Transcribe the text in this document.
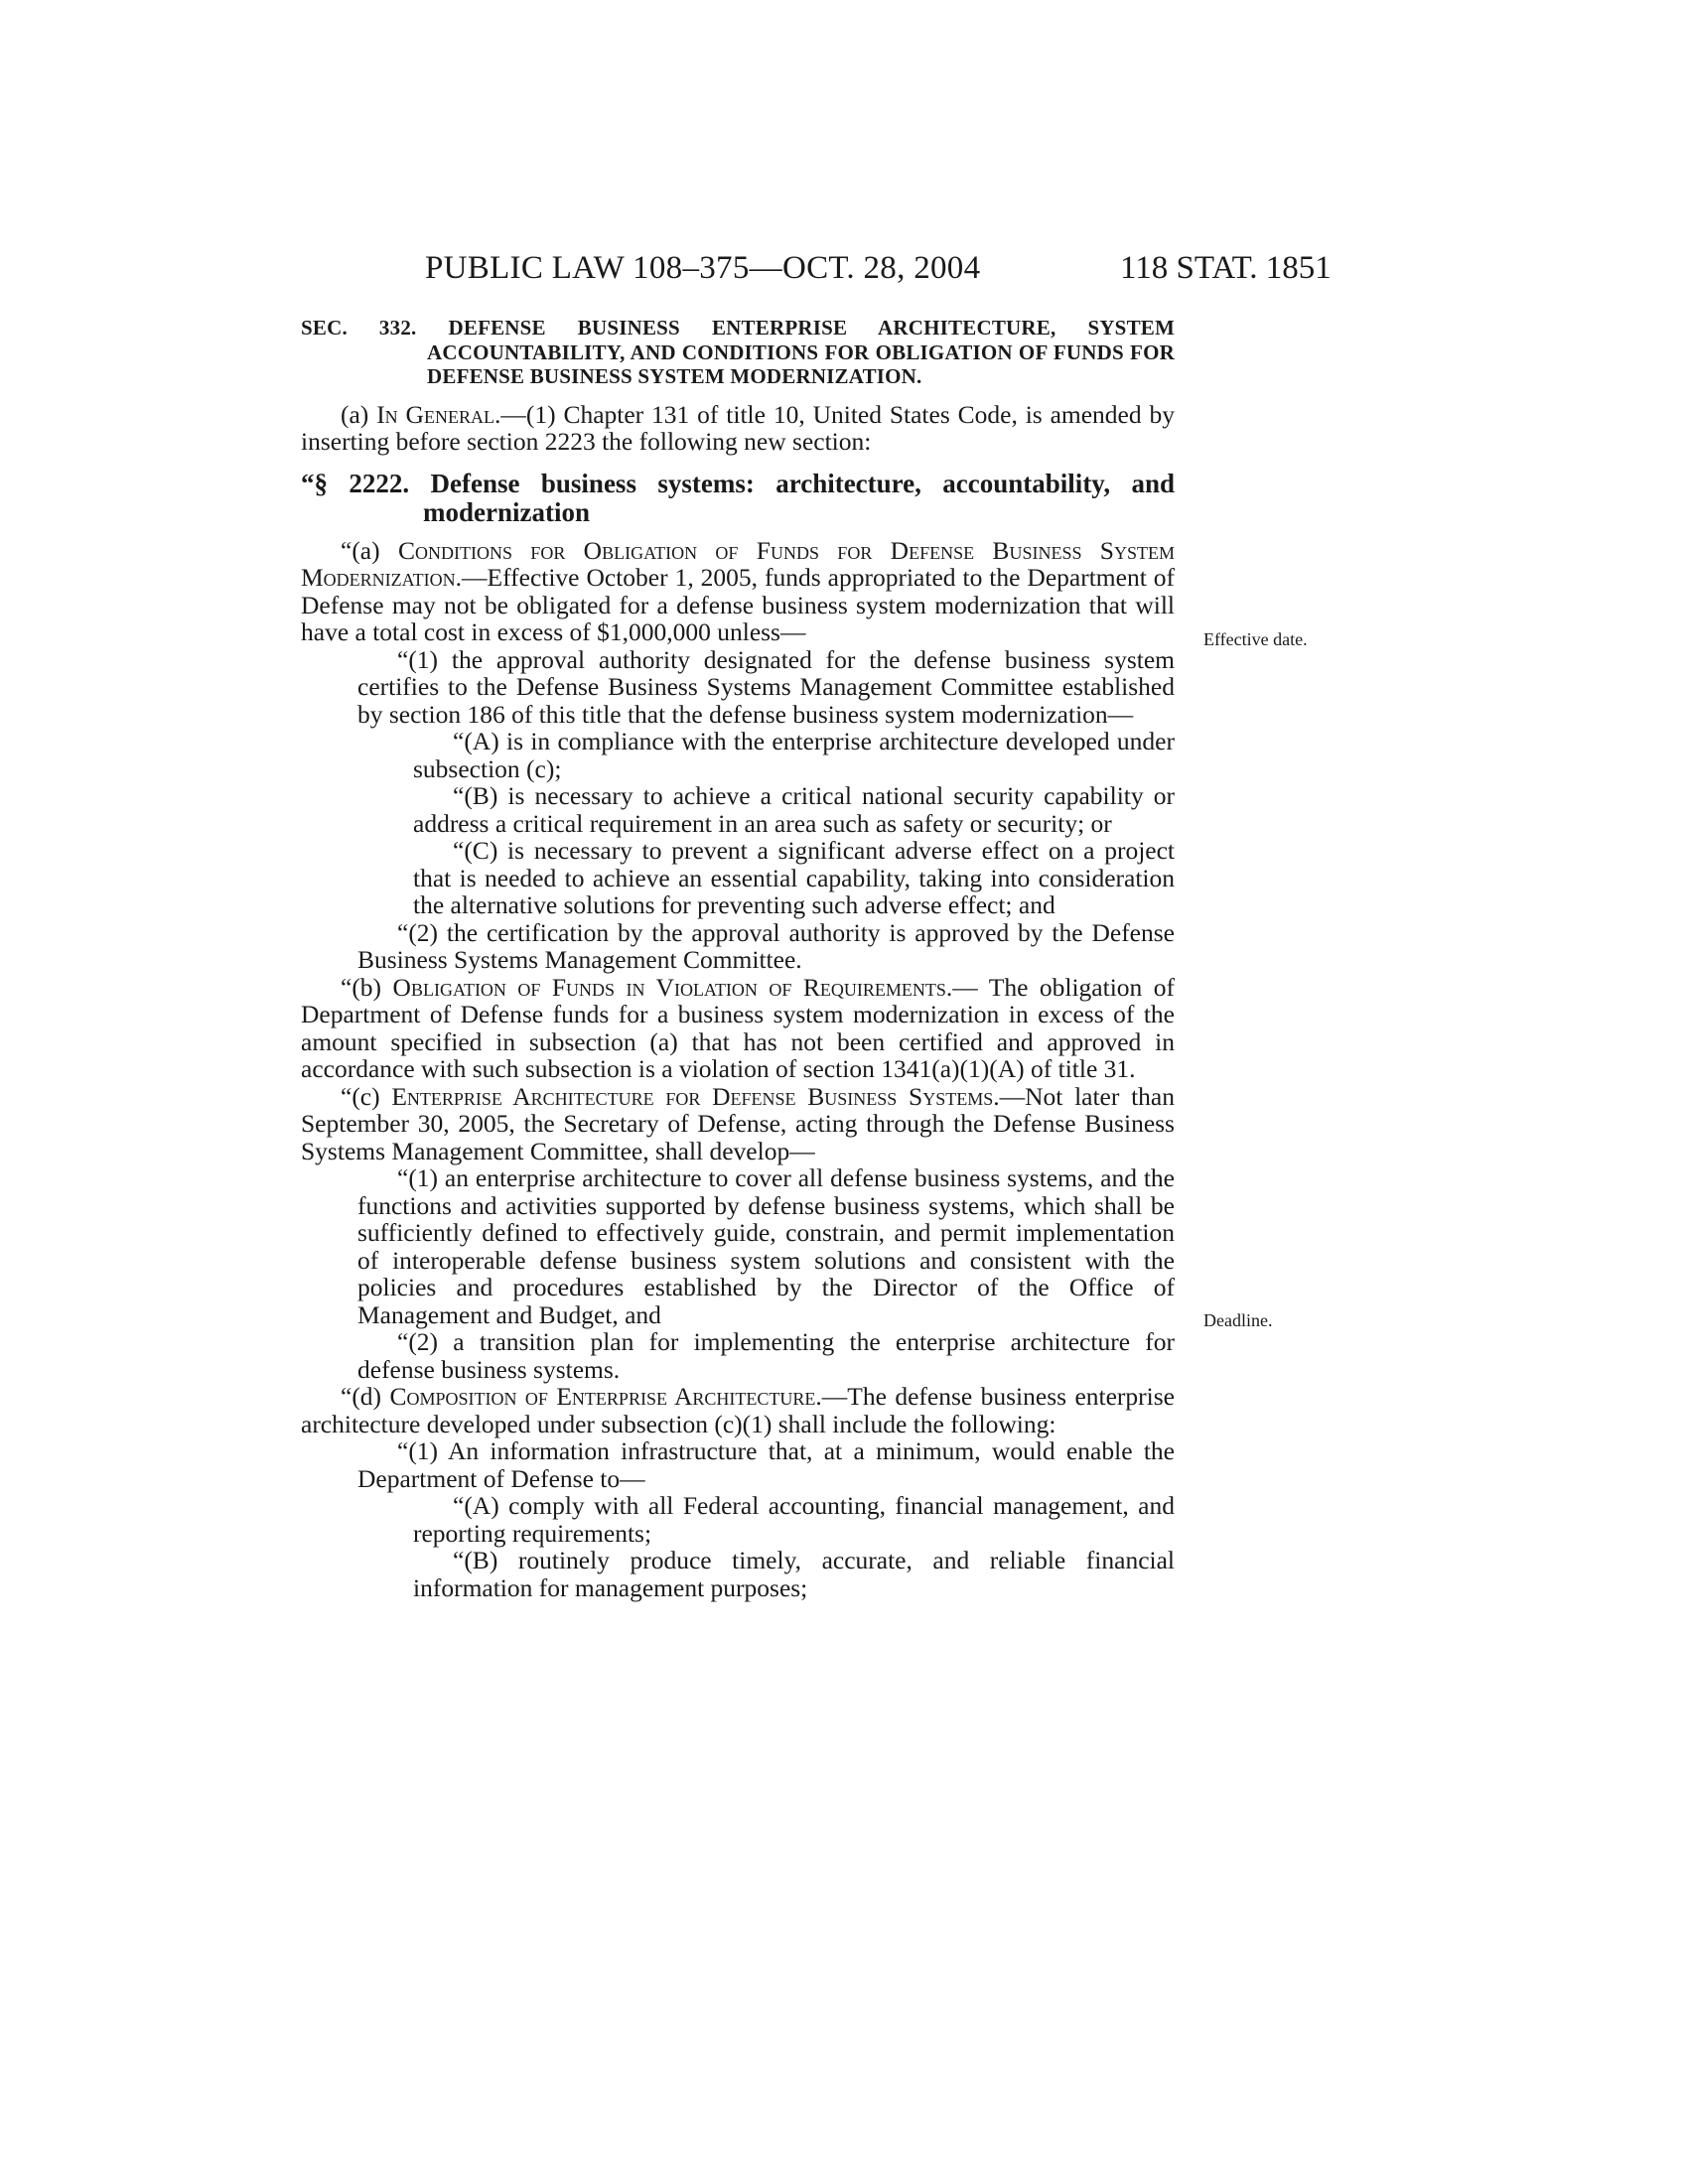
PUBLIC LAW 108–375—OCT. 28, 2004	118 STAT. 1851

SEC. 332. DEFENSE BUSINESS ENTERPRISE ARCHITECTURE, SYSTEM ACCOUNTABILITY, AND CONDITIONS FOR OBLIGATION OF FUNDS FOR DEFENSE BUSINESS SYSTEM MODERNIZATION.

(a) In General.—(1) Chapter 131 of title 10, United States Code, is amended by inserting before section 2223 the following new section:

“§ 2222. Defense business systems: architecture, accountability, and modernization

“(a) Conditions for Obligation of Funds for Defense Business System Modernization.—Effective October 1, 2005, funds appropriated to the Department of Defense may not be obligated for a defense business system modernization that will have a total cost in excess of $1,000,000 unless—

“(1) the approval authority designated for the defense business system certifies to the Defense Business Systems Management Committee established by section 186 of this title that the defense business system modernization—

“(A) is in compliance with the enterprise architecture developed under subsection (c);

“(B) is necessary to achieve a critical national security capability or address a critical requirement in an area such as safety or security; or

“(C) is necessary to prevent a significant adverse effect on a project that is needed to achieve an essential capability, taking into consideration the alternative solutions for preventing such adverse effect; and

“(2) the certification by the approval authority is approved by the Defense Business Systems Management Committee.

“(b) Obligation of Funds in Violation of Requirements.— The obligation of Department of Defense funds for a business system modernization in excess of the amount specified in subsection (a) that has not been certified and approved in accordance with such subsection is a violation of section 1341(a)(1)(A) of title 31.

“(c) Enterprise Architecture for Defense Business Systems.—Not later than September 30, 2005, the Secretary of Defense, acting through the Defense Business Systems Management Committee, shall develop—

“(1) an enterprise architecture to cover all defense business systems, and the functions and activities supported by defense business systems, which shall be sufficiently defined to effectively guide, constrain, and permit implementation of interoperable defense business system solutions and consistent with the policies and procedures established by the Director of the Office of Management and Budget, and

“(2) a transition plan for implementing the enterprise architecture for defense business systems.

“(d) Composition of Enterprise Architecture.—The defense business enterprise architecture developed under subsection (c)(1) shall include the following:

“(1) An information infrastructure that, at a minimum, would enable the Department of Defense to—

“(A) comply with all Federal accounting, financial management, and reporting requirements;

“(B) routinely produce timely, accurate, and reliable financial information for management purposes;

Effective date.
Deadline.
